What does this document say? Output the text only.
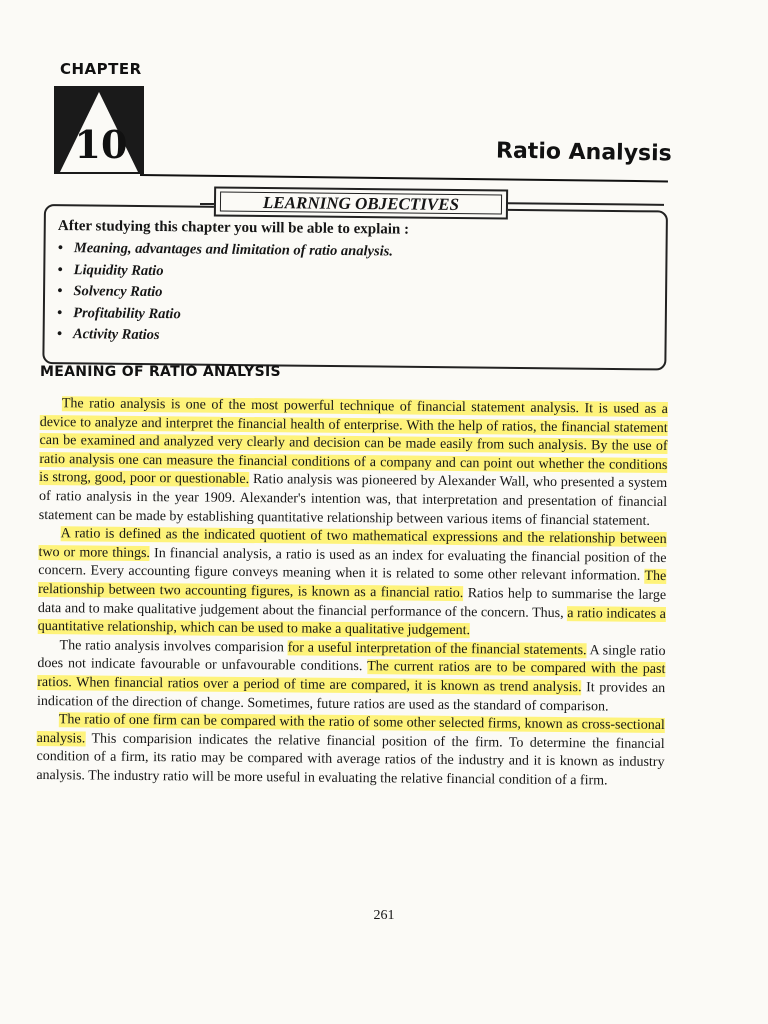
CHAPTER
10	Ratio Analysis
LEARNING OBJECTIVES
After studying this chapter you will be able to explain :
• Meaning, advantages and limitation of ratio analysis.
• Liquidity Ratio
• Solvency Ratio
• Profitability Ratio
• Activity Ratios
MEANING OF RATIO ANALYSIS

The ratio analysis is one of the most powerful technique of financial statement analysis. It is used as a device to analyze and interpret the financial health of enterprise. With the help of ratios, the financial statement can be examined and analyzed very clearly and decision can be made easily from such analysis. By the use of ratio analysis one can measure the financial conditions of a company and can point out whether the conditions is strong, good, poor or questionable. Ratio analysis was pioneered by Alexander Wall, who presented a system of ratio analysis in the year 1909. Alexander's intention was, that interpretation and presentation of financial statement can be made by establishing quantitative relationship between various items of financial statement.

A ratio is defined as the indicated quotient of two mathematical expressions and the relationship between two or more things. In financial analysis, a ratio is used as an index for evaluating the financial position of the concern. Every accounting figure conveys meaning when it is related to some other relevant information. The relationship between two accounting figures, is known as a financial ratio. Ratios help to summarise the large data and to make qualitative judgement about the financial performance of the concern. Thus, a ratio indicates a quantitative relationship, which can be used to make a qualitative judgement.

The ratio analysis involves comparision for a useful interpretation of the financial statements. A single ratio does not indicate favourable or unfavourable conditions. The current ratios are to be compared with the past ratios. When financial ratios over a period of time are compared, it is known as trend analysis. It provides an indication of the direction of change. Sometimes, future ratios are used as the standard of comparison.

The ratio of one firm can be compared with the ratio of some other selected firms, known as cross-sectional analysis. This comparision indicates the relative financial position of the firm. To determine the financial condition of a firm, its ratio may be compared with average ratios of the industry and it is known as industry analysis. The industry ratio will be more useful in evaluating the relative financial condition of a firm.

261
